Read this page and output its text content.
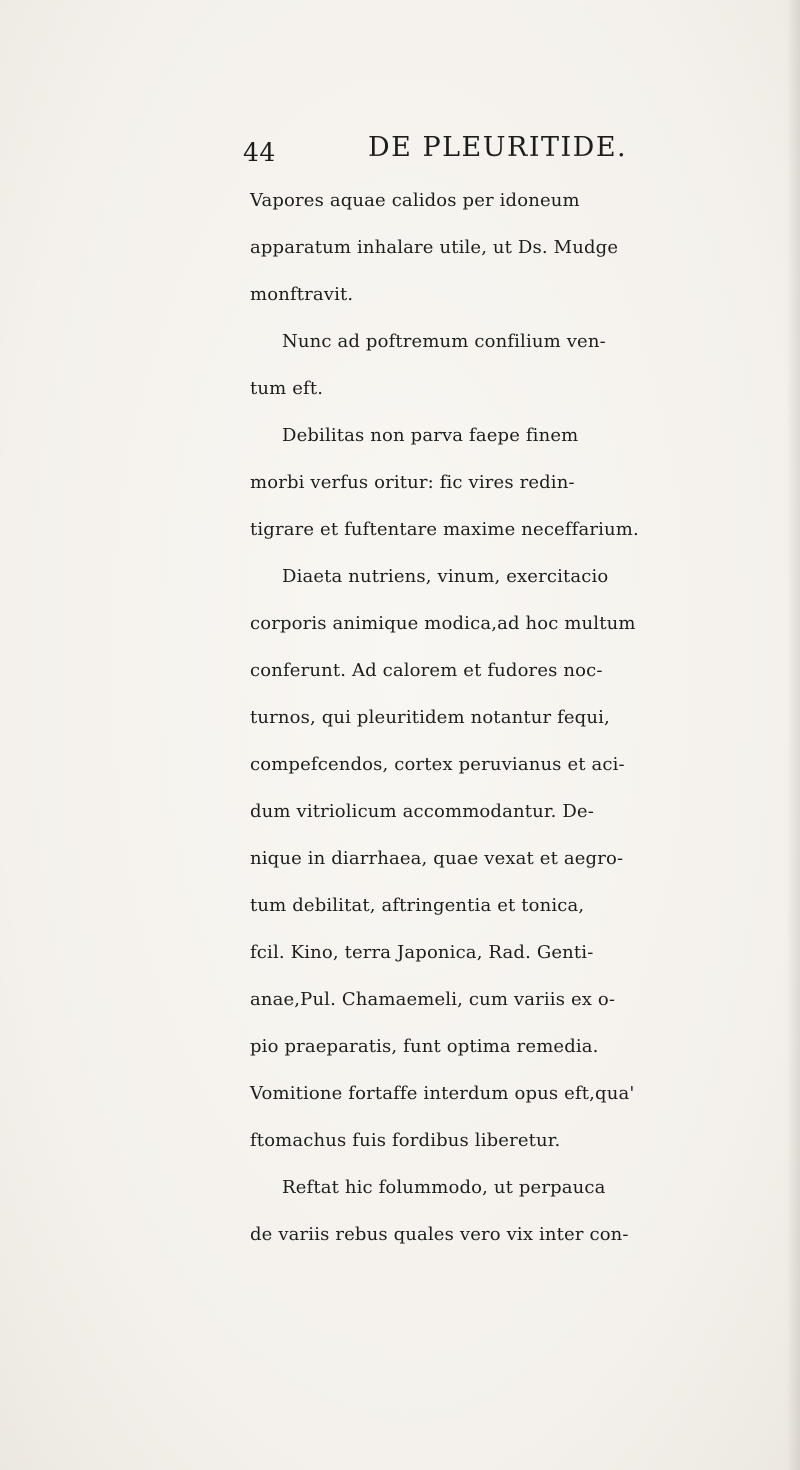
44	DE PLEURITIDE.
Vapores aquae calidos per idoneum
apparatum inhalare utile, ut Ds. Mudge
monftravit.
Nunc ad poftremum confilium ven-
tum eft.
Debilitas non parva faepe finem
morbi verfus oritur: fic vires redin-
tigrare et fuftentare maxime neceffarium.
Diaeta nutriens, vinum, exercitacio
corporis animique modica,ad hoc multum
conferunt. Ad calorem et fudores noc-
turnos, qui pleuritidem notantur fequi,
compefcendos, cortex peruvianus et aci-
dum vitriolicum accommodantur. De-
nique in diarrhaea, quae vexat et aegro-
tum debilitat, aftringentia et tonica,
fcil. Kino, terra Japonica, Rad. Genti-
anae,Pul. Chamaemeli, cum variis ex o-
pio praeparatis, funt optima remedia.
Vomitione fortaffe interdum opus eft,qua'
ftomachus fuis fordibus liberetur.
Reftat hic folummodo, ut perpauca
de variis rebus quales vero vix inter con-
